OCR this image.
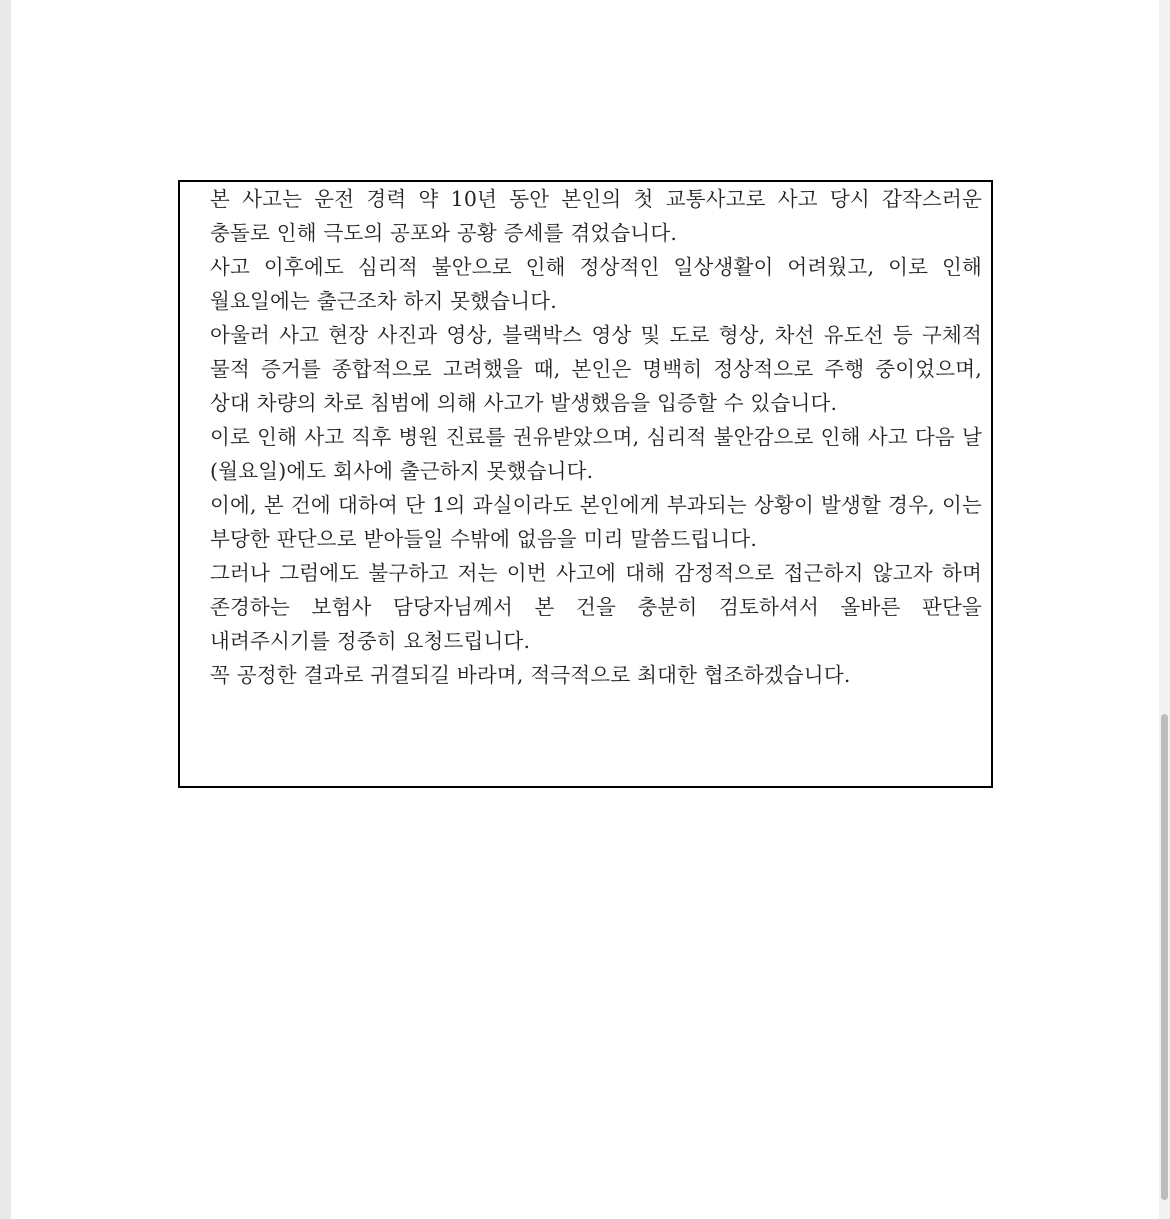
본 사고는 운전 경력 약 10년 동안 본인의 첫 교통사고로 사고 당시 갑작스러운 충돌로 인해 극도의 공포와 공황 증세를 겪었습니다.

사고 이후에도 심리적 불안으로 인해 정상적인 일상생활이 어려웠고, 이로 인해 월요일에는 출근조차 하지 못했습니다.

아울러 사고 현장 사진과 영상, 블랙박스 영상 및 도로 형상, 차선 유도선 등 구체적 물적 증거를 종합적으로 고려했을 때, 본인은 명백히 정상적으로 주행 중이었으며, 상대 차량의 차로 침범에 의해 사고가 발생했음을 입증할 수 있습니다.

이로 인해 사고 직후 병원 진료를 권유받았으며, 심리적 불안감으로 인해 사고 다음 날(월요일)에도 회사에 출근하지 못했습니다.

이에, 본 건에 대하여 단 1의 과실이라도 본인에게 부과되는 상황이 발생할 경우, 이는 부당한 판단으로 받아들일 수밖에 없음을 미리 말씀드립니다.

그러나 그럼에도 불구하고 저는 이번 사고에 대해 감정적으로 접근하지 않고자 하며 존경하는 보험사 담당자님께서 본 건을 충분히 검토하셔서 올바른 판단을 내려주시기를 정중히 요청드립니다.

꼭 공정한 결과로 귀결되길 바라며, 적극적으로 최대한 협조하겠습니다.
